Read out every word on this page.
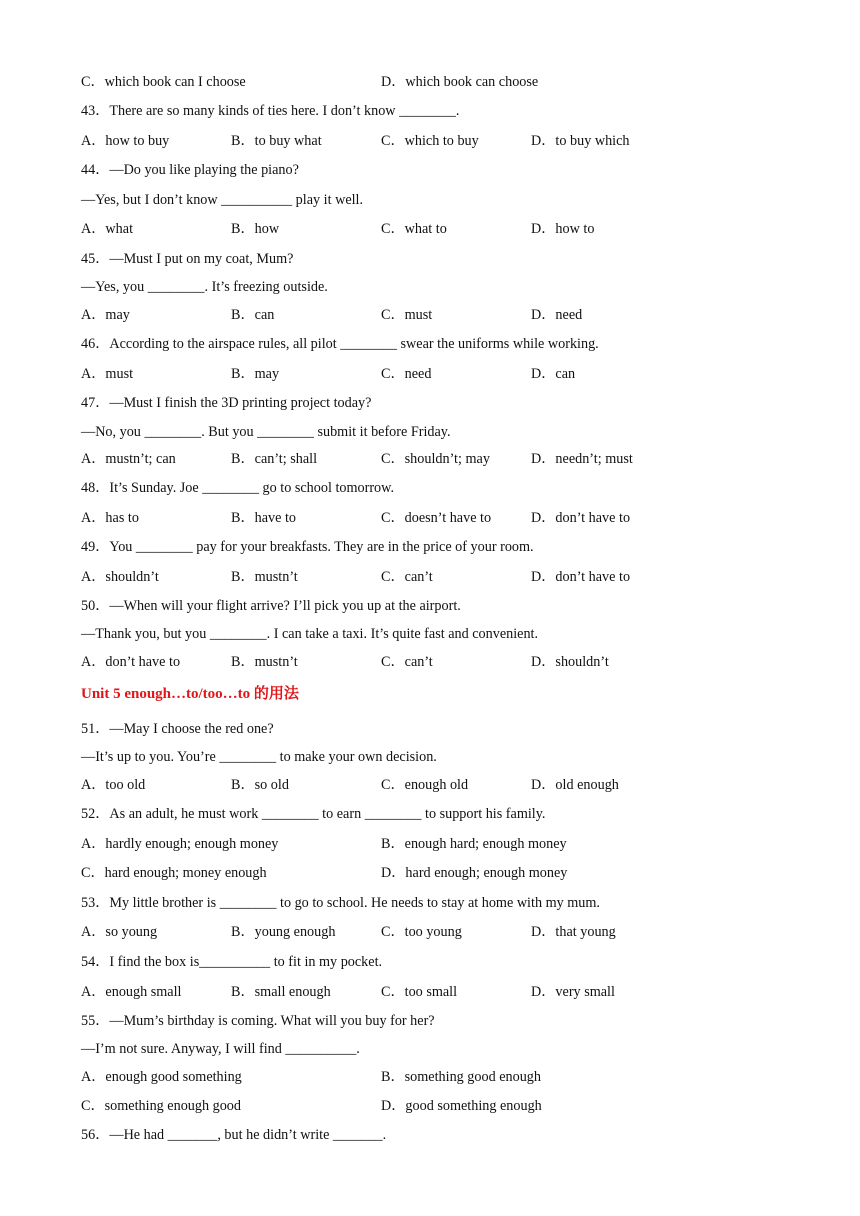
C．which book can I choose	D．which book can choose
43．There are so many kinds of ties here. I don’t know ________.
A．how to buy	B．to buy what	C．which to buy	D．to buy which
44．—Do you like playing the piano?
—Yes, but I don’t know __________ play it well.
A．what	B．how	C．what to	D．how to
45．—Must I put on my coat, Mum?
—Yes, you ________. It’s freezing outside.
A．may	B．can	C．must	D．need
46．According to the airspace rules, all pilot ________ swear the uniforms while working.
A．must	B．may	C．need	D．can
47．—Must I finish the 3D printing project today?
—No, you ________. But you ________ submit it before Friday.
A．mustn’t; can	B．can’t; shall	C．shouldn’t; may	D．needn’t; must
48．It’s Sunday. Joe ________ go to school tomorrow.
A．has to	B．have to	C．doesn’t have to	D．don’t have to
49．You ________ pay for your breakfasts. They are in the price of your room.
A．shouldn’t	B．mustn’t	C．can’t	D．don’t have to
50．—When will your flight arrive? I’ll pick you up at the airport.
—Thank you, but you ________. I can take a taxi. It’s quite fast and convenient.
A．don’t have to	B．mustn’t	C．can’t	D．shouldn’t
Unit 5 enough…to/too…to 的用法
51．—May I choose the red one?
—It’s up to you. You’re ________ to make your own decision.
A．too old	B．so old	C．enough old	D．old enough
52．As an adult, he must work ________ to earn ________ to support his family.
A．hardly enough; enough money	B．enough hard; enough money
C．hard enough; money enough	D．hard enough; enough money
53．My little brother is ________ to go to school. He needs to stay at home with my mum.
A．so young	B．young enough	C．too young	D．that young
54．I find the box is__________ to fit in my pocket.
A．enough small	B．small enough	C．too small	D．very small
55．—Mum’s birthday is coming. What will you buy for her?
—I’m not sure. Anyway, I will find __________.
A．enough good something	B．something good enough
C．something enough good	D．good something enough
56．—He had _______, but he didn’t write _______.
